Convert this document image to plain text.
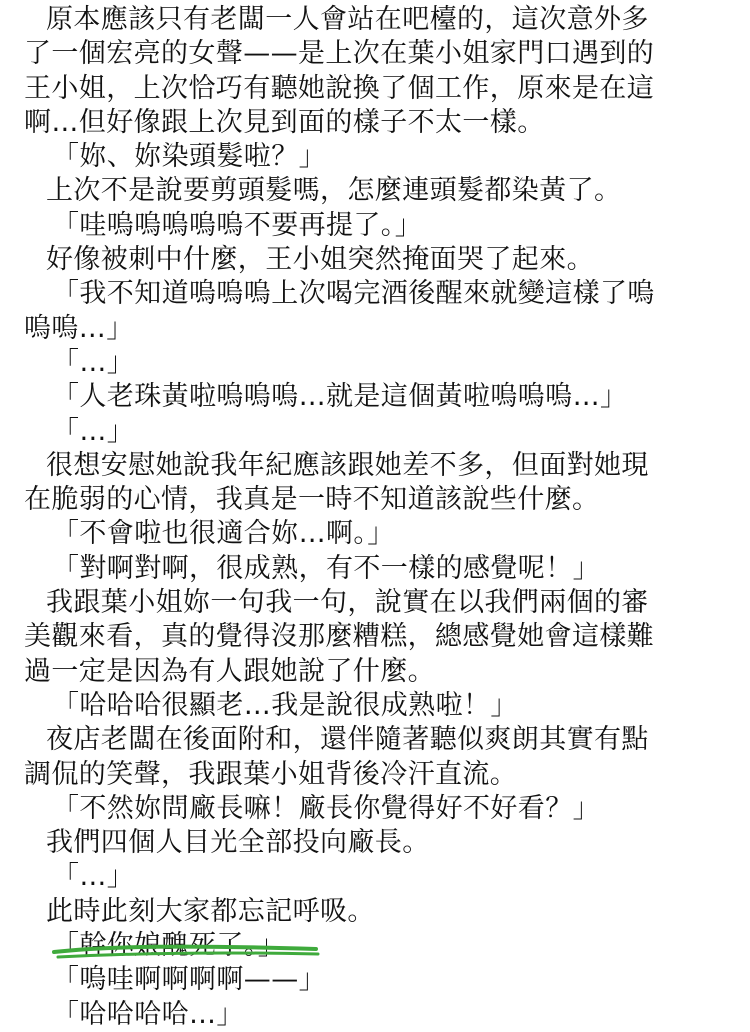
原本應該只有老闆一人會站在吧檯的，這次意外多
了一個宏亮的女聲——是上次在葉小姐家門口遇到的
王小姐，上次恰巧有聽她說換了個工作，原來是在這
啊…但好像跟上次見到面的樣子不太一樣。
「妳、妳染頭髮啦？」
上次不是說要剪頭髮嗎，怎麼連頭髮都染黃了。
「哇嗚嗚嗚嗚嗚不要再提了。」
好像被刺中什麼，王小姐突然掩面哭了起來。
「我不知道嗚嗚嗚上次喝完酒後醒來就變這樣了嗚
嗚嗚…」
「…」
「人老珠黃啦嗚嗚嗚…就是這個黃啦嗚嗚嗚…」
「…」
很想安慰她說我年紀應該跟她差不多，但面對她現
在脆弱的心情，我真是一時不知道該說些什麼。
「不會啦也很適合妳…啊。」
「對啊對啊，很成熟，有不一樣的感覺呢！」
我跟葉小姐妳一句我一句，說實在以我們兩個的審
美觀來看，真的覺得沒那麼糟糕，總感覺她會這樣難
過一定是因為有人跟她說了什麼。
「哈哈哈很顯老…我是說很成熟啦！」
夜店老闆在後面附和，還伴隨著聽似爽朗其實有點
調侃的笑聲，我跟葉小姐背後冷汗直流。
「不然妳問廠長嘛！廠長你覺得好不好看？」
我們四個人目光全部投向廠長。
「…」
此時此刻大家都忘記呼吸。
「幹你娘醜死了。」
「嗚哇啊啊啊啊——」
「哈哈哈哈…」
